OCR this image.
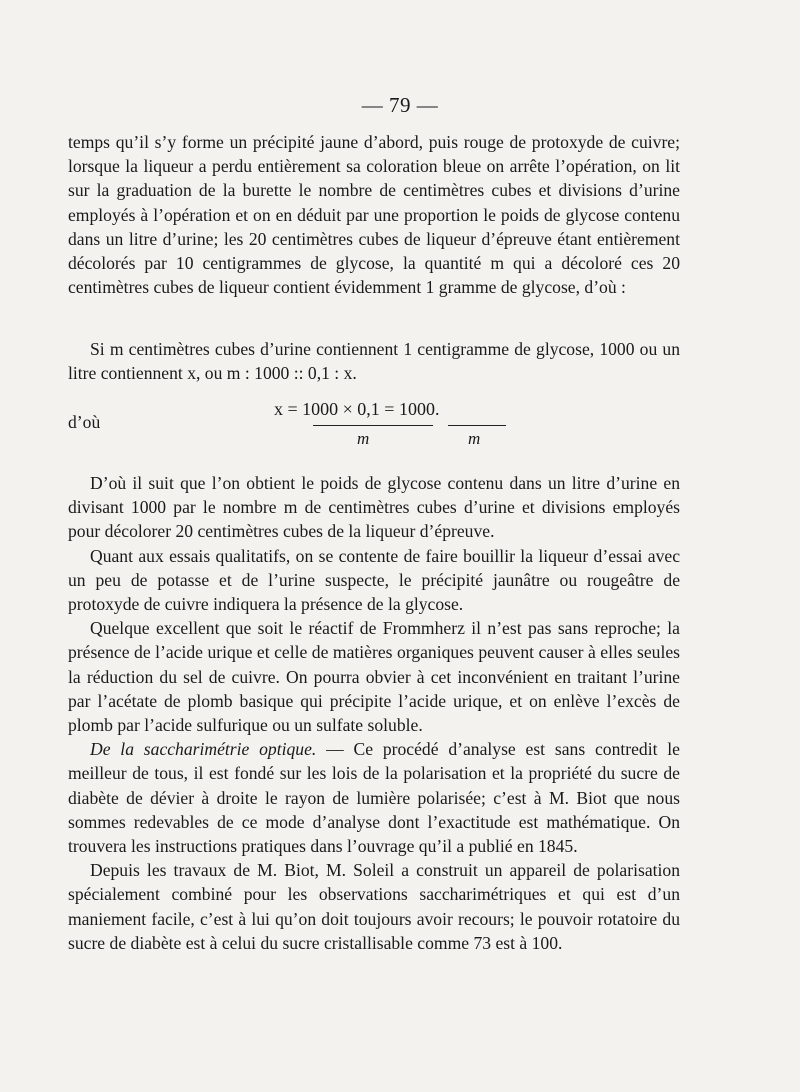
— 79 —

temps qu’il s’y forme un précipité jaune d’abord, puis rouge de protoxyde de cuivre; lorsque la liqueur a perdu entièrement sa coloration bleue on arrête l’opération, on lit sur la graduation de la burette le nombre de centimètres cubes et divisions d’urine employés à l’opération et on en déduit par une proportion le poids de glycose contenu dans un litre d’urine; les 20 centimètres cubes de liqueur d’épreuve étant entièrement décolorés par 10 centigrammes de glycose, la quantité m qui a décoloré ces 20 centimètres cubes de liqueur contient évidemment 1 gramme de glycose, d’où :

Si m centimètres cubes d’urine contiennent 1 centigramme de glycose, 1000 ou un litre contiennent x, ou m : 1000 :: 0,1 : x.

d’où
x = 1000 × 0,1 = 1000.
m	m

D’où il suit que l’on obtient le poids de glycose contenu dans un litre d’urine en divisant 1000 par le nombre m de centimètres cubes d’urine et divisions employés pour décolorer 20 centimètres cubes de la liqueur d’épreuve.

Quant aux essais qualitatifs, on se contente de faire bouillir la liqueur d’essai avec un peu de potasse et de l’urine suspecte, le précipité jaunâtre ou rougeâtre de protoxyde de cuivre indiquera la présence de la glycose.

Quelque excellent que soit le réactif de Frommherz il n’est pas sans reproche; la présence de l’acide urique et celle de matières organiques peuvent causer à elles seules la réduction du sel de cuivre. On pourra obvier à cet inconvénient en traitant l’urine par l’acétate de plomb basique qui précipite l’acide urique, et on enlève l’excès de plomb par l’acide sulfurique ou un sulfate soluble.

De la saccharimétrie optique. — Ce procédé d’analyse est sans contredit le meilleur de tous, il est fondé sur les lois de la polarisation et la propriété du sucre de diabète de dévier à droite le rayon de lumière polarisée; c’est à M. Biot que nous sommes redevables de ce mode d’analyse dont l’exactitude est mathématique. On trouvera les instructions pratiques dans l’ouvrage qu’il a publié en 1845.

Depuis les travaux de M. Biot, M. Soleil a construit un appareil de polarisation spécialement combiné pour les observations saccharimétriques et qui est d’un maniement facile, c’est à lui qu’on doit toujours avoir recours; le pouvoir rotatoire du sucre de diabète est à celui du sucre cristallisable comme 73 est à 100.
